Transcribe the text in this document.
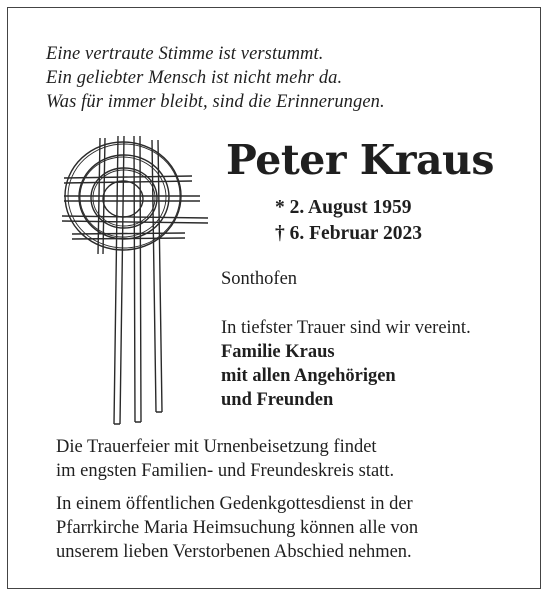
Eine vertraute Stimme ist verstummt.
Ein geliebter Mensch ist nicht mehr da.
Was für immer bleibt, sind die Erinnerungen.
Peter Kraus
* 2. August 1959
† 6. Februar 2023
Sonthofen
In tiefster Trauer sind wir vereint.
Familie Kraus
mit allen Angehörigen
und Freunden
Die Trauerfeier mit Urnenbeisetzung findet
im engsten Familien- und Freundeskreis statt.
In einem öffentlichen Gedenkgottesdienst in der
Pfarrkirche Maria Heimsuchung können alle von
unserem lieben Verstorbenen Abschied nehmen.
